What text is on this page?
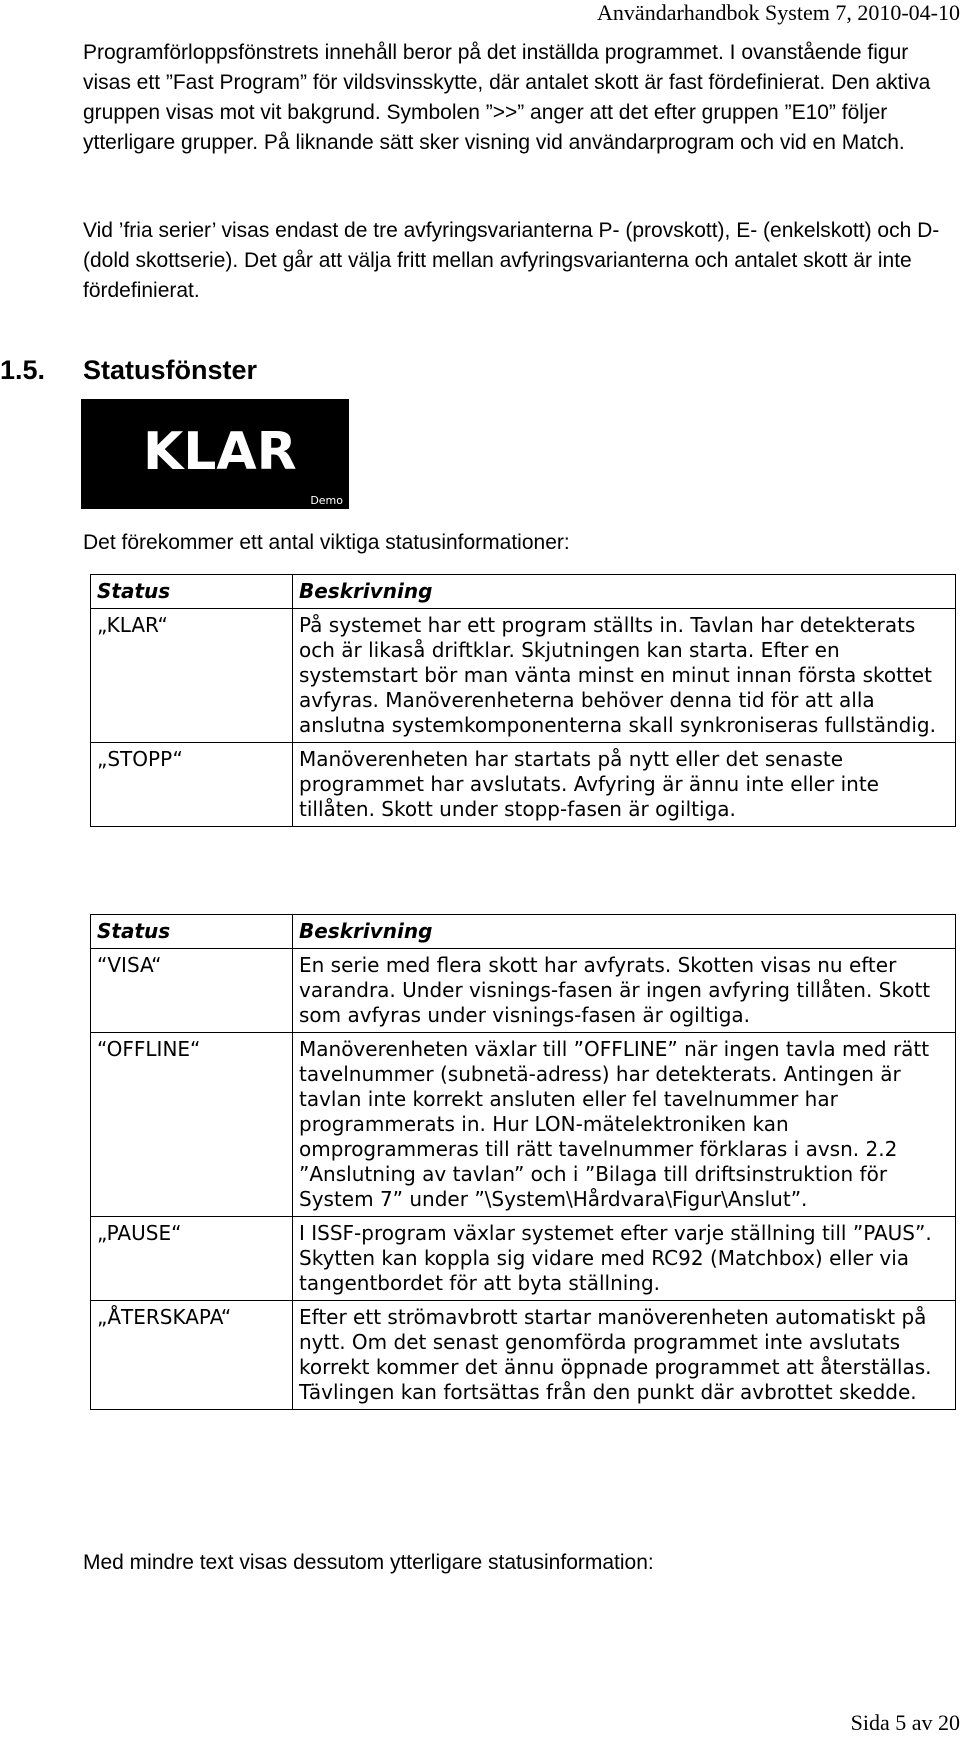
Användarhandbok System 7, 2010-04-10

Programförloppsfönstrets innehåll beror på det inställda programmet. I ovanstående figur visas ett ”Fast Program” för vildsvinsskytte, där antalet skott är fast fördefinierat. Den aktiva gruppen visas mot vit bakgrund. Symbolen ”>>” anger att det efter gruppen ”E10” följer ytterligare grupper. På liknande sätt sker visning vid användarprogram och vid en Match.

Vid ’fria serier’ visas endast de tre avfyringsvarianterna P- (provskott), E- (enkelskott) och D- (dold skottserie). Det går att välja fritt mellan avfyringsvarianterna och antalet skott är inte fördefinierat.

1.5. Statusfönster
KLAR
Demo

Det förekommer ett antal viktiga statusinformationer:

Status	Beskrivning
„KLAR“	På systemet har ett program ställts in. Tavlan har detekterats och är likaså driftklar. Skjutningen kan starta. Efter en systemstart bör man vänta minst en minut innan första skottet avfyras. Manöverenheterna behöver denna tid för att alla anslutna systemkomponenterna skall synkroniseras fullständig.
„STOPP“	Manöverenheten har startats på nytt eller det senaste programmet har avslutats. Avfyring är ännu inte eller inte tillåten. Skott under stopp-fasen är ogiltiga.
Status	Beskrivning
“VISA“	En serie med flera skott har avfyrats. Skotten visas nu efter varandra. Under visnings-fasen är ingen avfyring tillåten. Skott som avfyras under visnings-fasen är ogiltiga.
“OFFLINE“	Manöverenheten växlar till ”OFFLINE” när ingen tavla med rätt tavelnummer (subnetä-adress) har detekterats. Antingen är tavlan inte korrekt ansluten eller fel tavelnummer har programmerats in. Hur LON-mätelektroniken kan omprogrammeras till rätt tavelnummer förklaras i avsn. 2.2 ”Anslutning av tavlan” och i ”Bilaga till driftsinstruktion för System 7” under ”\System\Hårdvara\Figur\Anslut”.
„PAUSE“	I ISSF-program växlar systemet efter varje ställning till ”PAUS”. Skytten kan koppla sig vidare med RC92 (Matchbox) eller via tangentbordet för att byta ställning.
„ÅTERSKAPA“	Efter ett strömavbrott startar manöverenheten automatiskt på nytt. Om det senast genomförda programmet inte avslutats korrekt kommer det ännu öppnade programmet att återställas. Tävlingen kan fortsättas från den punkt där avbrottet skedde.

Med mindre text visas dessutom ytterligare statusinformation:

Sida 5 av 20
